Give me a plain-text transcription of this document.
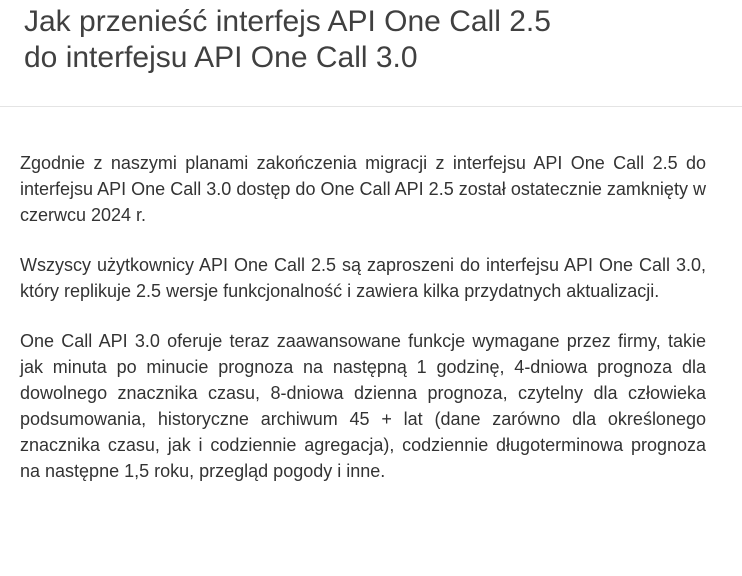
Jak przenieść interfejs API One Call 2.5
do interfejsu API One Call 3.0

Zgodnie z naszymi planami zakończenia migracji z interfejsu API One Call 2.5 do interfejsu API One Call 3.0 dostęp do One Call API 2.5 został ostatecznie zamknięty w czerwcu 2024 r.

Wszyscy użytkownicy API One Call 2.5 są zaproszeni do interfejsu API One Call 3.0, który replikuje 2.5 wersje funkcjonalność i zawiera kilka przydatnych aktualizacji.

One Call API 3.0 oferuje teraz zaawansowane funkcje wymagane przez firmy, takie jak minuta po minucie prognoza na następną 1 godzinę, 4-dniowa prognoza dla dowolnego znacznika czasu, 8-dniowa dzienna prognoza, czytelny dla człowieka podsumowania, historyczne archiwum 45 + lat (dane zarówno dla określonego znacznika czasu, jak i codziennie agregacja), codziennie długoterminowa prognoza na następne 1,5 roku, przegląd pogody i inne.
